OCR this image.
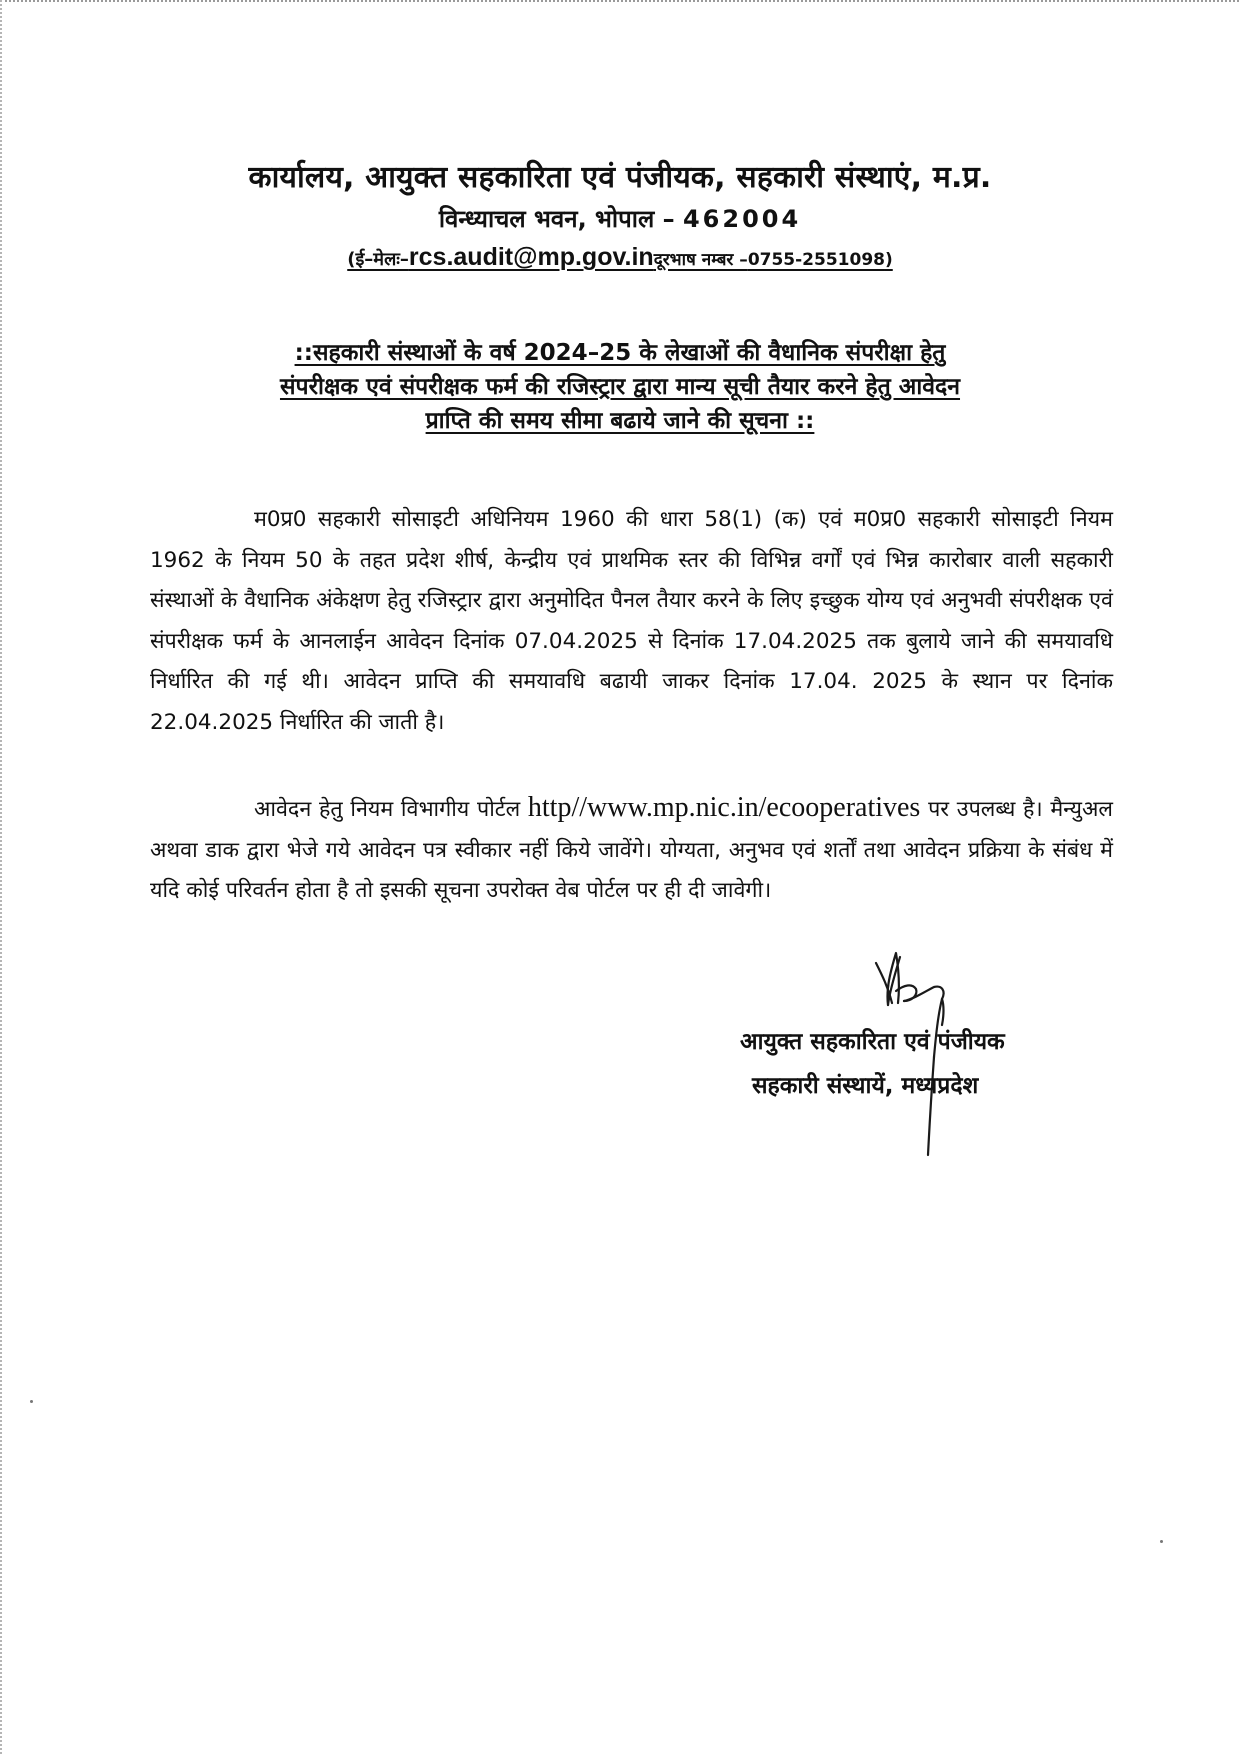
कार्यालय, आयुक्त सहकारिता एवं पंजीयक, सहकारी संस्थाएं, म.प्र.
विन्ध्याचल भवन, भोपाल – 462004
(ई–मेलः–rcs.audit@mp.gov.inदूरभाष नम्बर –0755-2551098)
::सहकारी संस्थाओं के वर्ष 2024–25 के लेखाओं की वैधानिक संपरीक्षा हेतु
संपरीक्षक एवं संपरीक्षक फर्म की रजिस्ट्रार द्वारा मान्य सूची तैयार करने हेतु आवेदन
प्राप्ति की समय सीमा बढाये जाने की सूचना ::

म0प्र0 सहकारी सोसाइटी अधिनियम 1960 की धारा 58(1) (क) एवं म0प्र0 सहकारी सोसाइटी नियम 1962 के नियम 50 के तहत प्रदेश शीर्ष, केन्द्रीय एवं प्राथमिक स्तर की विभिन्न वर्गों एवं भिन्न कारोबार वाली सहकारी संस्थाओं के वैधानिक अंकेक्षण हेतु रजिस्ट्रार द्वारा अनुमोदित पैनल तैयार करने के लिए इच्छुक योग्य एवं अनुभवी संपरीक्षक एवं संपरीक्षक फर्म के आनलाईन आवेदन दिनांक 07.04.2025 से दिनांक 17.04.2025 तक बुलाये जाने की समयावधि निर्धारित की गई थी। आवेदन प्राप्ति की समयावधि बढायी जाकर दिनांक 17.04. 2025 के स्थान पर दिनांक 22.04.2025 निर्धारित की जाती है।

आवेदन हेतु नियम विभागीय पोर्टल http//www.mp.nic.in/ecooperatives पर उपलब्ध है। मैन्युअल अथवा डाक द्वारा भेजे गये आवेदन पत्र स्वीकार नहीं किये जावेंगे। योग्यता, अनुभव एवं शर्तों तथा आवेदन प्रक्रिया के संबंध में यदि कोई परिवर्तन होता है तो इसकी सूचना उपरोक्त वेब पोर्टल पर ही दी जावेगी।

आयुक्त सहकारिता एवं पंजीयक
सहकारी संस्थायें, मध्यप्रदेश
